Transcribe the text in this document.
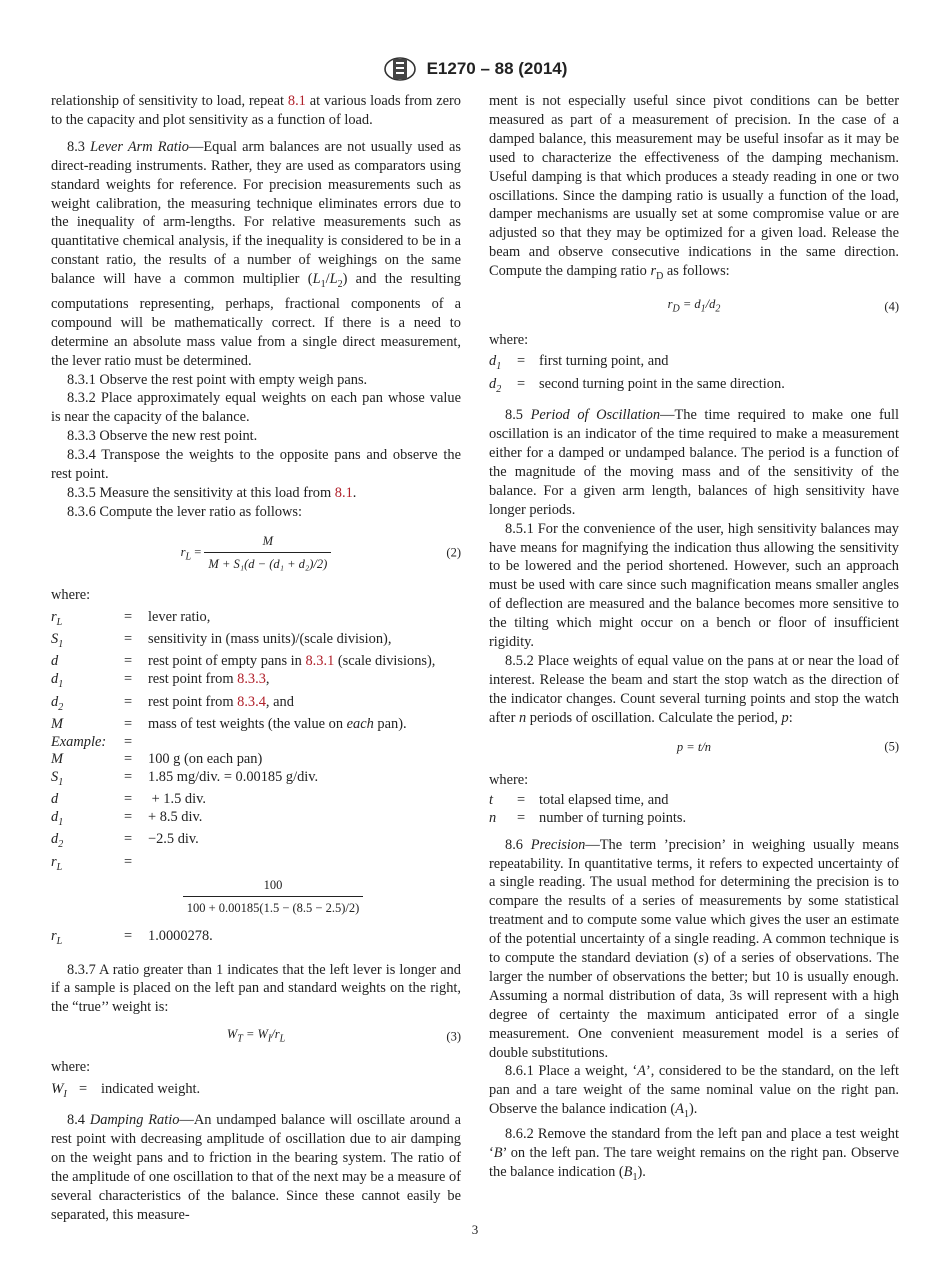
E1270 – 88 (2014)

relationship of sensitivity to load, repeat 8.1 at various loads from zero to the capacity and plot sensitivity as a function of load.

8.3 Lever Arm Ratio—Equal arm balances are not usually used as direct-reading instruments. Rather, they are used as comparators using standard weights for reference. For precision measurements such as weight calibration, the measuring technique eliminates errors due to the inequality of arm-lengths. For relative measurements such as quantitative chemical analysis, if the inequality is considered to be in a constant ratio, the results of a number of weighings on the same balance will have a common multiplier $(L_1/L_2)$ and the resulting computations representing, perhaps, fractional components of a compound will be mathematically correct. If there is a need to determine an absolute mass value from a single direct measurement, the lever ratio must be determined.

8.3.1 Observe the rest point with empty weigh pans.

8.3.2 Place approximately equal weights on each pan whose value is near the capacity of the balance.

8.3.3 Observe the new rest point.

8.3.4 Transpose the weights to the opposite pans and observe the rest point.

8.3.5 Measure the sensitivity at this load from 8.1.

8.3.6 Compute the lever ratio as follows:

$r_L = \frac{M}{\text{M + S₁(d − (d₁ + d₂)/2)}}$	(2)

where:

$r_L$	=	lever ratio,
$S_1$	=	sensitivity in (mass units)/(scale division),
d	=	rest point of empty pans in 8.3.1 (scale divisions),
$d_1$	=	rest point from 8.3.3,
$d_2$	=	rest point from 8.3.4, and
M	=	mass of test weights (the value on each pan).
Example:	=	
M	=	100 g (on each pan)
$S_1$	=	1.85 mg/div. = 0.00185 g/div.
d	=	+ 1.5 div.
$d_1$	=	+ 8.5 div.
$d_2$	=	−2.5 div.
$r_L$	=	
$\frac{100}{100 + 0.00185(1.5 - (8.5 - 2.5)/2)}$
$r_L$	=	1.0000278.

8.3.7 A ratio greater than 1 indicates that the left lever is longer and if a sample is placed on the left pan and standard weights on the right, the “true’’ weight is:

$W_T = W_I/r_L$	(3)

where:

$W_I$	=	indicated weight.

8.4 Damping Ratio—An undamped balance will oscillate around a rest point with decreasing amplitude of oscillation due to air damping on the weight pans and to friction in the bearing system. The ratio of the amplitude of one oscillation to that of the next may be a measure of several characteristics of the balance. Since these cannot easily be separated, this measure-

ment is not especially useful since pivot conditions can be better measured as part of a measurement of precision. In the case of a damped balance, this measurement may be useful insofar as it may be used to characterize the effectiveness of the damping mechanism. Useful damping is that which produces a steady reading in one or two oscillations. Since the damping ratio is usually a function of the load, damper mechanisms are usually set at some compromise value or are adjusted so that they may be optimized for a given load. Release the beam and observe consecutive indications in the same direction. Compute the damping ratio $r_D$ as follows:

$r_D = d_1/d_2$	(4)

where:

$d_1$	=	first turning point, and
$d_2$	=	second turning point in the same direction.

8.5 Period of Oscillation—The time required to make one full oscillation is an indicator of the time required to make a measurement either for a damped or undamped balance. The period is a function of the magnitude of the moving mass and of the sensitivity of the balance. For a given arm length, balances of high sensitivity have longer periods.

8.5.1 For the convenience of the user, high sensitivity balances may have means for magnifying the indication thus allowing the sensitivity to be lowered and the period shortened. However, such an approach must be used with care since such magnification means smaller angles of deflection are measured and the balance becomes more sensitive to the tilting which might occur on a bench or floor of insufficient rigidity.

8.5.2 Place weights of equal value on the pans at or near the load of interest. Release the beam and start the stop watch as the direction of the indicator changes. Count several turning points and stop the watch after n periods of oscillation. Calculate the period, p:

p = t/n	(5)

where:

t	=	total elapsed time, and
n	=	number of turning points.

8.6 Precision—The term ’precision’ in weighing usually means repeatability. In quantitative terms, it refers to expected uncertainty of a single reading. The usual method for determining the precision is to compare the results of a series of measurements by some statistical treatment and to compute some value which gives the user an estimate of the potential uncertainty of a single reading. A common technique is to compute the standard deviation (s) of a series of observations. The larger the number of observations the better; but 10 is usually enough. Assuming a normal distribution of data, 3s will represent with a high degree of certainty the maximum anticipated error of a single measurement. One convenient measurement model is a series of double substitutions.

8.6.1 Place a weight, ‘A’, considered to be the standard, on the left pan and a tare weight of the same nominal value on the right pan. Observe the balance indication $(A_1)$.

8.6.2 Remove the standard from the left pan and place a test weight ‘B’ on the left pan. The tare weight remains on the right pan. Observe the balance indication $(B_1)$.

3
